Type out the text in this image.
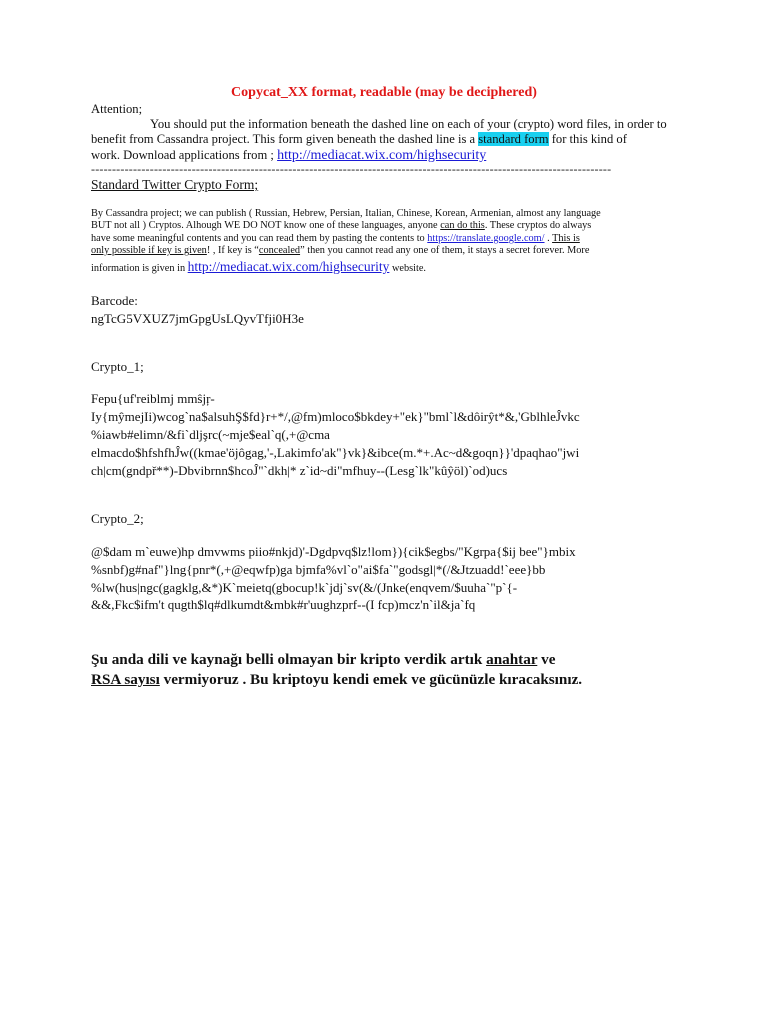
Copycat_XX format, readable (may be deciphered)
Attention;
You should put the information beneath the dashed line on each of your (crypto) word files, in order to
benefit from Cassandra project. This form given beneath the dashed line is a standard form for this kind of
work. Download applications from ; http://mediacat.wix.com/highsecurity
----------------------------------------------------------------------------------------------------------------------------
Standard Twitter Crypto Form;
By Cassandra project; we can publish ( Russian, Hebrew, Persian, Italian, Chinese, Korean, Armenian, almost any language
BUT not all ) Cryptos. Alhough WE DO NOT know one of these languages, anyone can do this. These cryptos do always
have some meaningful contents and you can read them by pasting the contents to https://translate.google.com/ . This is
only possible if key is given! , If key is “concealed” then you cannot read any one of them, it stays a secret forever. More
information is given in http://mediacat.wix.com/highsecurity website.
Barcode:
ngTcG5VXUZ7jmGpgUsLQyvTfji0H3e
Crypto_1;
Fepu{uf'reiblmj mmŝjŗ-
Iy{mŷmejIi)wcog`na$alsuhŞ$fd}r+*/,@fm)mloco$bkdey+"ek}"bml`l&dôirŷt*&,'GblhleĴvkc
%iawb#elimn/&fi`dljşrc(~mje$eal`q(,+@cma
elmacdo$hfshfhĴw((kmae'öjôgag,'-,Lakimfo'ak"}vk}&ibce(m.*+.Ac~d&goqn}}'dpaqhao"jwi
ch|cm(gndpř**)-Dbvibrnn$hcoĴ"`dkh|* z`id~di"mfhuy--(Lesg`lk"kûŷöl)`od)ucs
Crypto_2;
@$dam m`euwe)hp dmvwms piio#nkjd)'-Dgdpvq$lz!lom}){cik$egbs/"Kgrpa{$ij bee"}mbix
%snbf)g#naf"}lng{pnr*(,+@eqwfp)ga bjmfa%vl`o"ai$fa`"godsgl|*(/&Jtzuadd!`eee}bb
%lw(hus|ngc(gagklg,&*)K`meietq(gbocup!k`jdj`sv(&/(Jnke(enqvem/$uuha`"p`{-
&&,Fkc$ifm't qugth$lq#dlkumdt&mbk#r'uughzprf--(I fcp)mcz'n`il&ja`fq
Şu anda dili ve kaynağı belli olmayan bir kripto verdik artık anahtar ve
RSA sayısı vermiyoruz . Bu kriptoyu kendi emek ve gücünüzle kıracaksınız.
